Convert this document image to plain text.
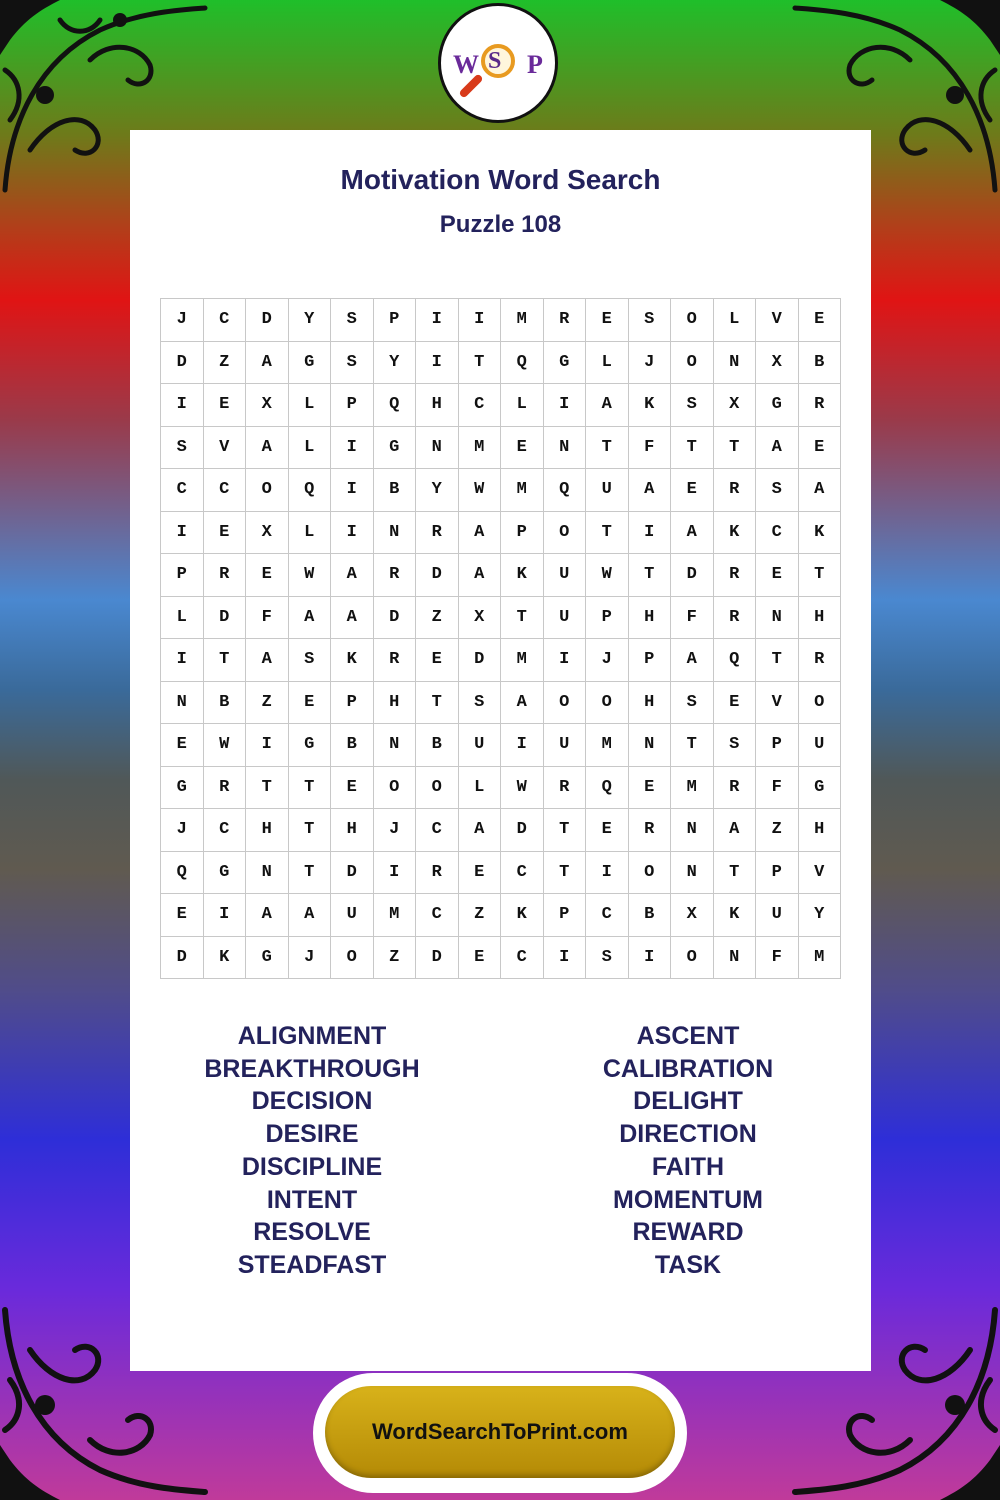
W S P
Motivation Word Search
Puzzle 108
J	C	D	Y	S	P	I	I	M	R	E	S	O	L	V	E
D	Z	A	G	S	Y	I	T	Q	G	L	J	O	N	X	B
I	E	X	L	P	Q	H	C	L	I	A	K	S	X	G	R
S	V	A	L	I	G	N	M	E	N	T	F	T	T	A	E
C	C	O	Q	I	B	Y	W	M	Q	U	A	E	R	S	A
I	E	X	L	I	N	R	A	P	O	T	I	A	K	C	K
P	R	E	W	A	R	D	A	K	U	W	T	D	R	E	T
L	D	F	A	A	D	Z	X	T	U	P	H	F	R	N	H
I	T	A	S	K	R	E	D	M	I	J	P	A	Q	T	R
N	B	Z	E	P	H	T	S	A	O	O	H	S	E	V	O
E	W	I	G	B	N	B	U	I	U	M	N	T	S	P	U
G	R	T	T	E	O	O	L	W	R	Q	E	M	R	F	G
J	C	H	T	H	J	C	A	D	T	E	R	N	A	Z	H
Q	G	N	T	D	I	R	E	C	T	I	O	N	T	P	V
E	I	A	A	U	M	C	Z	K	P	C	B	X	K	U	Y
D	K	G	J	O	Z	D	E	C	I	S	I	O	N	F	M
ALIGNMENT
BREAKTHROUGH
DECISION
DESIRE
DISCIPLINE
INTENT
RESOLVE
STEADFAST
ASCENT
CALIBRATION
DELIGHT
DIRECTION
FAITH
MOMENTUM
REWARD
TASK
WordSearchToPrint.com
